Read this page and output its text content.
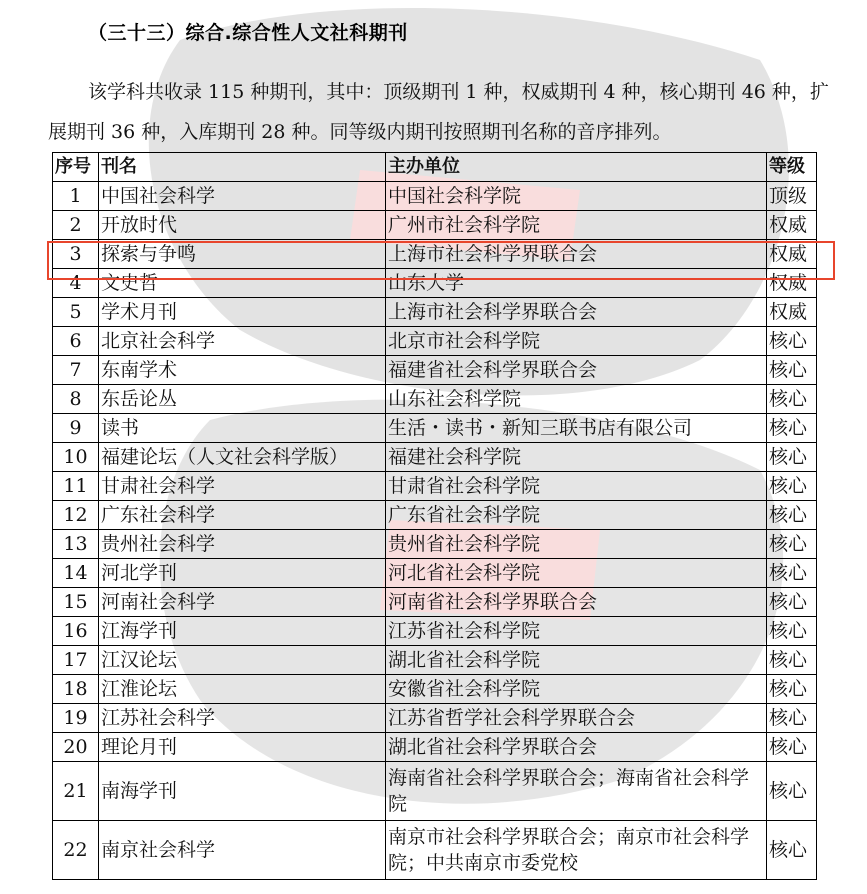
（三十三）综合.综合性人文社科期刊
该学科共收录 115 种期刊，其中：顶级期刊 1 种，权威期刊 4 种，核心期刊 46 种，扩展期刊 36 种，入库期刊 28 种。同等级内期刊按照期刊名称的音序排列。
序号	刊名	主办单位	等级
1	中国社会科学	中国社会科学院	顶级
2	开放时代	广州市社会科学院	权威
3	探索与争鸣	上海市社会科学界联合会	权威
4	文史哲	山东大学	权威
5	学术月刊	上海市社会科学界联合会	权威
6	北京社会科学	北京市社会科学院	核心
7	东南学术	福建省社会科学界联合会	核心
8	东岳论丛	山东社会科学院	核心
9	读书	生活・读书・新知三联书店有限公司	核心
10	福建论坛（人文社会科学版）	福建社会科学院	核心
11	甘肃社会科学	甘肃省社会科学院	核心
12	广东社会科学	广东省社会科学院	核心
13	贵州社会科学	贵州省社会科学院	核心
14	河北学刊	河北省社会科学院	核心
15	河南社会科学	河南省社会科学界联合会	核心
16	江海学刊	江苏省社会科学院	核心
17	江汉论坛	湖北省社会科学院	核心
18	江淮论坛	安徽省社会科学院	核心
19	江苏社会科学	江苏省哲学社会科学界联合会	核心
20	理论月刊	湖北省社会科学界联合会	核心
21	南海学刊	海南省社会科学界联合会；海南省社会科学院	核心
22	南京社会科学	南京市社会科学界联合会；南京市社会科学院；中共南京市委党校	核心
